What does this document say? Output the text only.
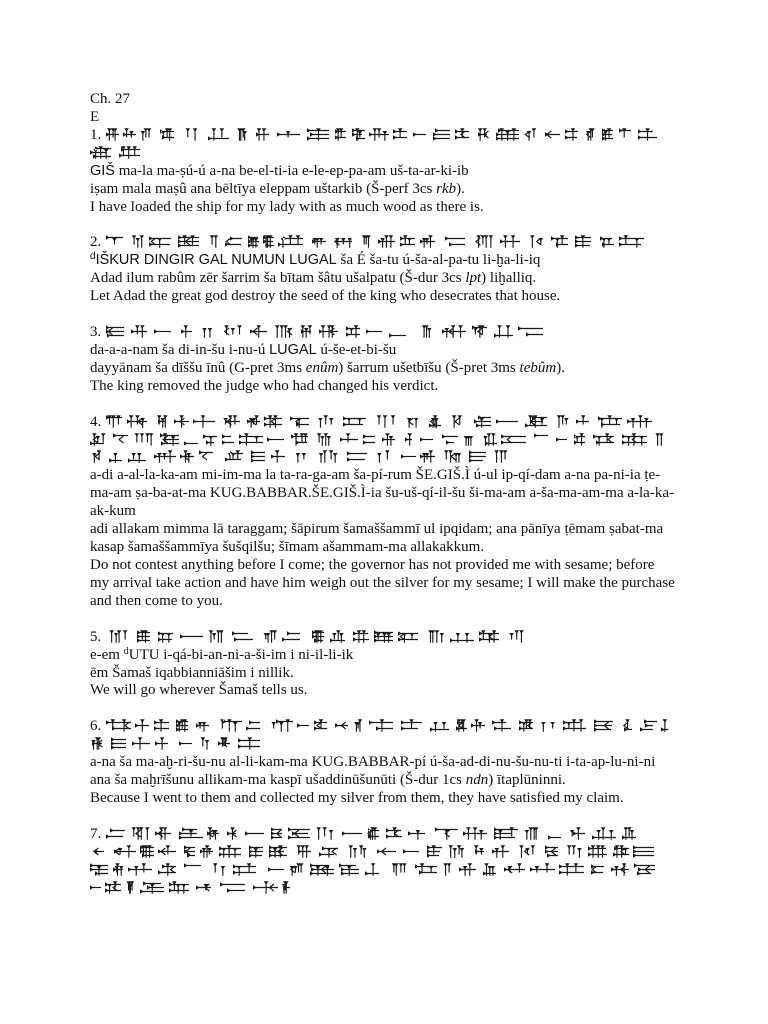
Ch. 27
E
1.
GIŠ ma-la ma-ṣú-ú a-na be-el-ti-ia e-le-ep-pa-am uš-ta-ar-ki-ib
iṣam mala maṣû ana bēltīya eleppam uštarkib (Š-perf 3cs rkb).
I have loaded the ship for my lady with as much wood as there is.
2.
$^d$IŠKUR DINGIR GAL NUMUN LUGAL ša É ša-tu ú-ša-al-pa-tu li-ḫa-li-iq
Adad ilum rabûm zēr šarrim ša bītam šâtu ušalpatu (Š-dur 3cs lpt) liḫalliq.
Let Adad the great god destroy the seed of the king who desecrates that house.
3.
da-a-a-nam ša di-in-šu i-nu-ú LUGAL ú-še-et-bi-šu
dayyānam ša dīššu īnû (G-pret 3ms enûm) šarrum ušetbīšu (Š-pret 3ms tebûm).
The king removed the judge who had changed his verdict.
4.
a-di a-al-la-ka-am mi-im-ma la ta-ra-ga-am ša-pí-rum ŠE.GIŠ.Ì ú-ul ip-qí-dam a-na pa-ni-ia ṭe-
ma-am ṣa-ba-at-ma KUG.BABBAR.ŠE.GIŠ.Ì-ia šu-uš-qí-il-šu ši-ma-am a-ša-ma-am-ma a-la-ka-
ak-kum
adi allakam mimma lā taraggam; šāpirum šamaššammī ul ipqidam; ana pānīya ṭēmam ṣabat-ma
kasap šamaššammīya šušqilšu; šīmam ašammam-ma allakakkum.
Do not contest anything before I come; the governor has not provided me with sesame; before
my arrival take action and have him weigh out the silver for my sesame; I will make the purchase
and then come to you.
5.
e-em $^d$UTU i-qá-bi-an-ni-a-ši-im i ni-il-li-ik
ēm Šamaš iqabbianniāšim i nillik.
We will go wherever Šamaš tells us.
6.
a-na ša ma-aḫ-ri-šu-nu al-li-kam-ma KUG.BABBAR-pí ú-ša-ad-di-nu-šu-nu-ti i-ta-ap-lu-ni-ni
ana ša maḫrīšunu allikam-ma kaspī ušaddinūšunūti (Š-dur 1cs ndn) ītaplūninni.
Because I went to them and collected my silver from them, they have satisfied my claim.
7.
